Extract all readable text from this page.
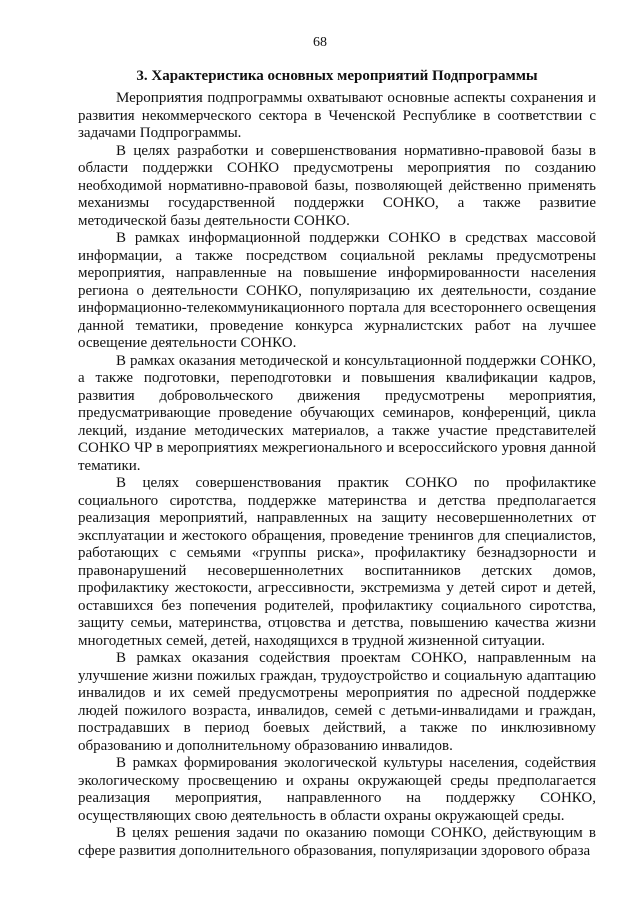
68
3. Характеристика основных мероприятий Подпрограммы

Мероприятия подпрограммы охватывают основные аспекты сохранения и развития некоммерческого сектора в Чеченской Республике в соответствии с задачами Подпрограммы.

В целях разработки и совершенствования нормативно-правовой базы в области поддержки СОНКО предусмотрены мероприятия по созданию необходимой нормативно-правовой базы, позволяющей действенно применять механизмы государственной поддержки СОНКО, а также развитие методической базы деятельности СОНКО.

В рамках информационной поддержки СОНКО в средствах массовой информации, а также посредством социальной рекламы предусмотрены мероприятия, направленные на повышение информированности населения региона о деятельности СОНКО, популяризацию их деятельности, создание информационно-телекоммуникационного портала для всестороннего освещения данной тематики, проведение конкурса журналистских работ на лучшее освещение деятельности СОНКО.

В рамках оказания методической и консультационной поддержки СОНКО, а также подготовки, переподготовки и повышения квалификации кадров, развития добровольческого движения предусмотрены мероприятия, предусматривающие проведение обучающих семинаров, конференций, цикла лекций, издание методических материалов, а также участие представителей СОНКО ЧР в мероприятиях межрегионального и всероссийского уровня данной тематики.

В целях совершенствования практик СОНКО по профилактике социального сиротства, поддержке материнства и детства предполагается реализация мероприятий, направленных на защиту несовершеннолетних от эксплуатации и жестокого обращения, проведение тренингов для специалистов, работающих с семьями «группы риска», профилактику безнадзорности и правонарушений несовершеннолетних воспитанников детских домов, профилактику жестокости, агрессивности, экстремизма у детей сирот и детей, оставшихся без попечения родителей, профилактику социального сиротства, защиту семьи, материнства, отцовства и детства, повышению качества жизни многодетных семей, детей, находящихся в трудной жизненной ситуации.

В рамках оказания содействия проектам СОНКО, направленным на улучшение жизни пожилых граждан, трудоустройство и социальную адаптацию инвалидов и их семей предусмотрены мероприятия по адресной поддержке людей пожилого возраста, инвалидов, семей с детьми-инвалидами и граждан, пострадавших в период боевых действий, а также по инклюзивному образованию и дополнительному образованию инвалидов.

В рамках формирования экологической культуры населения, содействия экологическому просвещению и охраны окружающей среды предполагается реализация мероприятия, направленного на поддержку СОНКО, осуществляющих свою деятельность в области охраны окружающей среды.

В целях решения задачи по оказанию помощи СОНКО, действующим в сфере развития дополнительного образования, популяризации здорового образа
